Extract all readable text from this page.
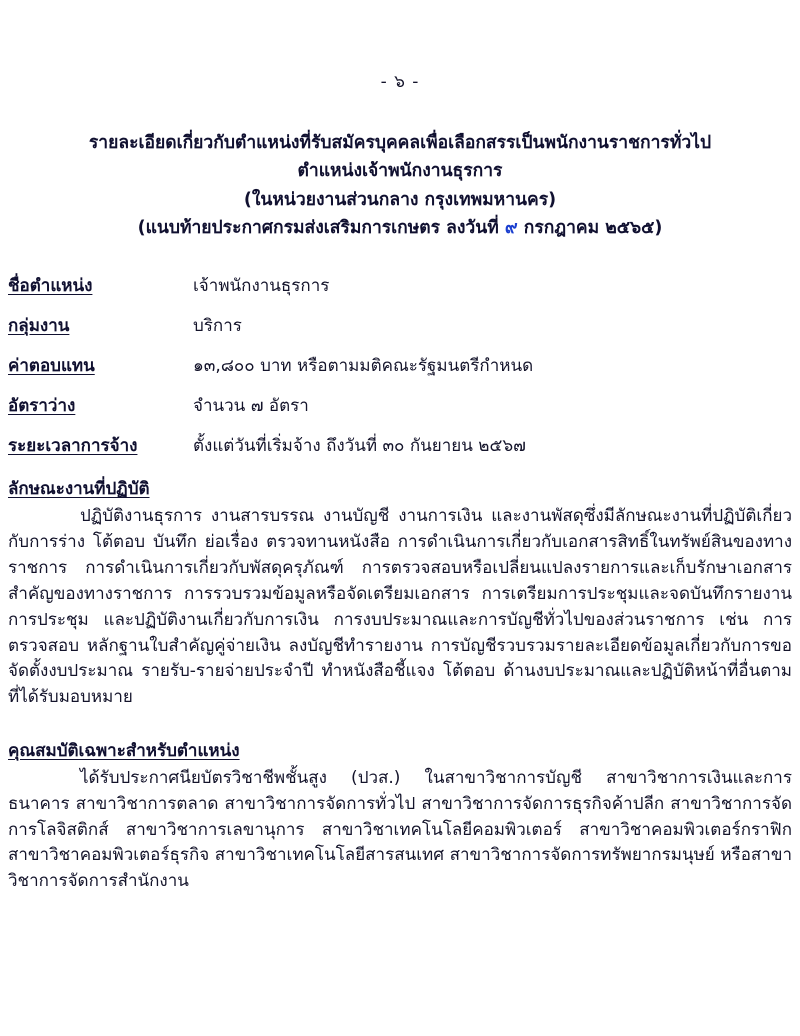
- ๖ -
รายละเอียดเกี่ยวกับตำแหน่งที่รับสมัครบุคคลเพื่อเลือกสรรเป็นพนักงานราชการทั่วไป
ตำแหน่งเจ้าพนักงานธุรการ
(ในหน่วยงานส่วนกลาง กรุงเทพมหานคร)
(แนบท้ายประกาศกรมส่งเสริมการเกษตร ลงวันที่ ๙ กรกฎาคม ๒๕๖๕)
ชื่อตำแหน่ง	เจ้าพนักงานธุรการ
กลุ่มงาน	บริการ
ค่าตอบแทน	๑๓,๘๐๐ บาท หรือตามมติคณะรัฐมนตรีกำหนด
อัตราว่าง	จำนวน ๗ อัตรา
ระยะเวลาการจ้าง	ตั้งแต่วันที่เริ่มจ้าง ถึงวันที่ ๓๐ กันยายน ๒๕๖๗
ลักษณะงานที่ปฏิบัติ
ปฏิบัติงานธุรการ งานสารบรรณ งานบัญชี งานการเงิน และงานพัสดุซึ่งมีลักษณะงานที่ปฏิบัติเกี่ยวกับการร่าง โต้ตอบ บันทึก ย่อเรื่อง ตรวจทานหนังสือ การดำเนินการเกี่ยวกับเอกสารสิทธิ์ในทรัพย์สินของทางราชการ การดำเนินการเกี่ยวกับพัสดุครุภัณฑ์ การตรวจสอบหรือเปลี่ยนแปลงรายการและเก็บรักษาเอกสารสำคัญของทางราชการ การรวบรวมข้อมูลหรือจัดเตรียมเอกสาร การเตรียมการประชุมและจดบันทึกรายงานการประชุม และปฏิบัติงานเกี่ยวกับการเงิน การงบประมาณและการบัญชีทั่วไปของส่วนราชการ เช่น การตรวจสอบ หลักฐานใบสำคัญคู่จ่ายเงิน ลงบัญชีทำรายงาน การบัญชีรวบรวมรายละเอียดข้อมูลเกี่ยวกับการขอจัดตั้งงบประมาณ รายรับ-รายจ่ายประจำปี ทำหนังสือชี้แจง โต้ตอบ ด้านงบประมาณและปฏิบัติหน้าที่อื่นตามที่ได้รับมอบหมาย
คุณสมบัติเฉพาะสำหรับตำแหน่ง
ได้รับประกาศนียบัตรวิชาชีพชั้นสูง (ปวส.) ในสาขาวิชาการบัญชี สาขาวิชาการเงินและการธนาคาร สาขาวิชาการตลาด สาขาวิชาการจัดการทั่วไป สาขาวิชาการจัดการธุรกิจค้าปลีก สาขาวิชาการจัดการโลจิสติกส์ สาขาวิชาการเลขานุการ สาขาวิชาเทคโนโลยีคอมพิวเตอร์ สาขาวิชาคอมพิวเตอร์กราฟิก สาขาวิชาคอมพิวเตอร์ธุรกิจ สาขาวิชาเทคโนโลยีสารสนเทศ สาขาวิชาการจัดการทรัพยากรมนุษย์ หรือสาขาวิชาการจัดการสำนักงาน
